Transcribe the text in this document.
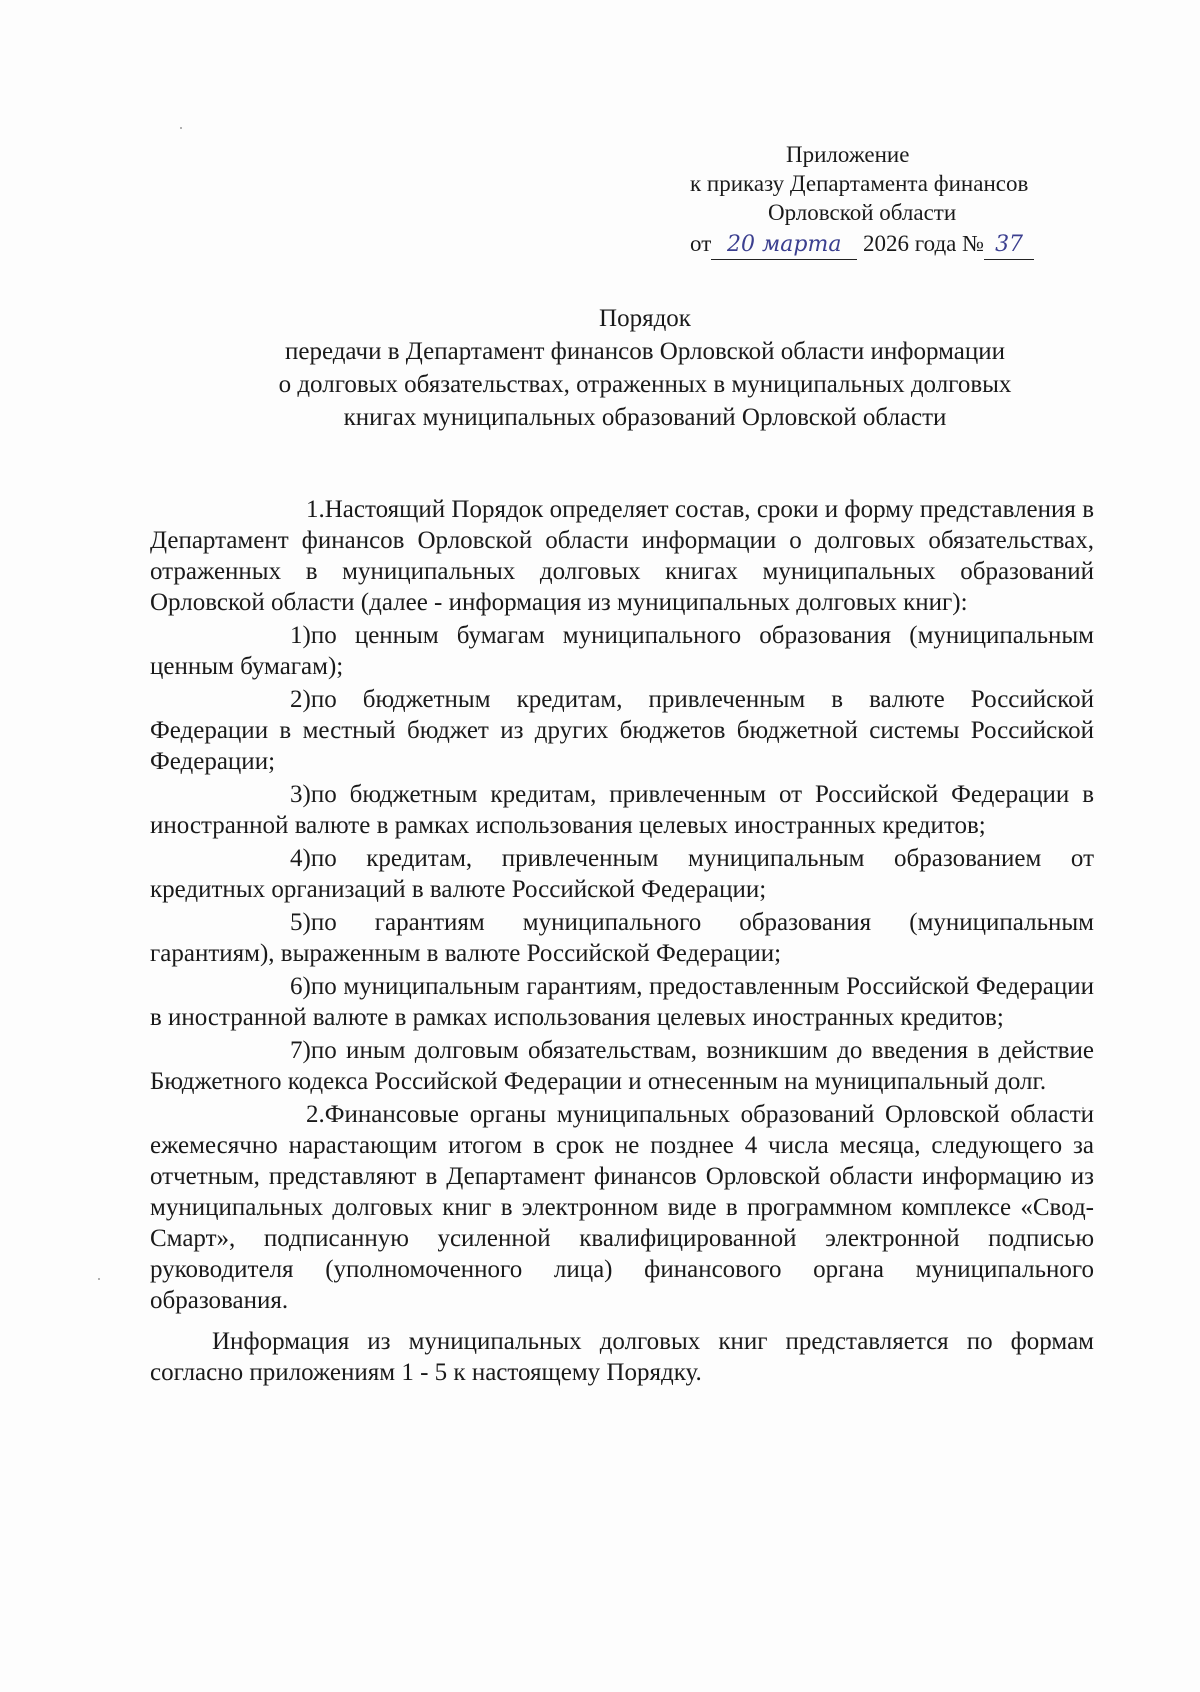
Приложение
к приказу Департамента финансов
Орловской области
от 20 марта 2026 года № 37
Порядок
передачи в Департамент финансов Орловской области информации
о долговых обязательствах, отраженных в муниципальных долговых
книгах муниципальных образований Орловской области

1.Настоящий Порядок определяет состав, сроки и форму представления в Департамент финансов Орловской области информации о долговых обязательствах, отраженных в муниципальных долговых книгах муниципальных образований Орловской области (далее - информация из муниципальных долговых книг):

1)по ценным бумагам муниципального образования (муниципальным ценным бумагам);

2)по бюджетным кредитам, привлеченным в валюте Российской Федерации в местный бюджет из других бюджетов бюджетной системы Российской Федерации;

3)по бюджетным кредитам, привлеченным от Российской Федерации в иностранной валюте в рамках использования целевых иностранных кредитов;

4)по кредитам, привлеченным муниципальным образованием от кредитных организаций в валюте Российской Федерации;

5)по гарантиям муниципального образования (муниципальным гарантиям), выраженным в валюте Российской Федерации;

6)по муниципальным гарантиям, предоставленным Российской Федерации в иностранной валюте в рамках использования целевых иностранных кредитов;

7)по иным долговым обязательствам, возникшим до введения в действие Бюджетного кодекса Российской Федерации и отнесенным на муниципальный долг.

2.Финансовые органы муниципальных образований Орловской области ежемесячно нарастающим итогом в срок не позднее 4 числа месяца, следующего за отчетным, представляют в Департамент финансов Орловской области информацию из муниципальных долговых книг в электронном виде в программном комплексе «Свод-Смарт», подписанную усиленной квалифицированной электронной подписью руководителя (уполномоченного лица) финансового органа муниципального образования.

Информация из муниципальных долговых книг представляется по формам согласно приложениям 1 - 5 к настоящему Порядку.
